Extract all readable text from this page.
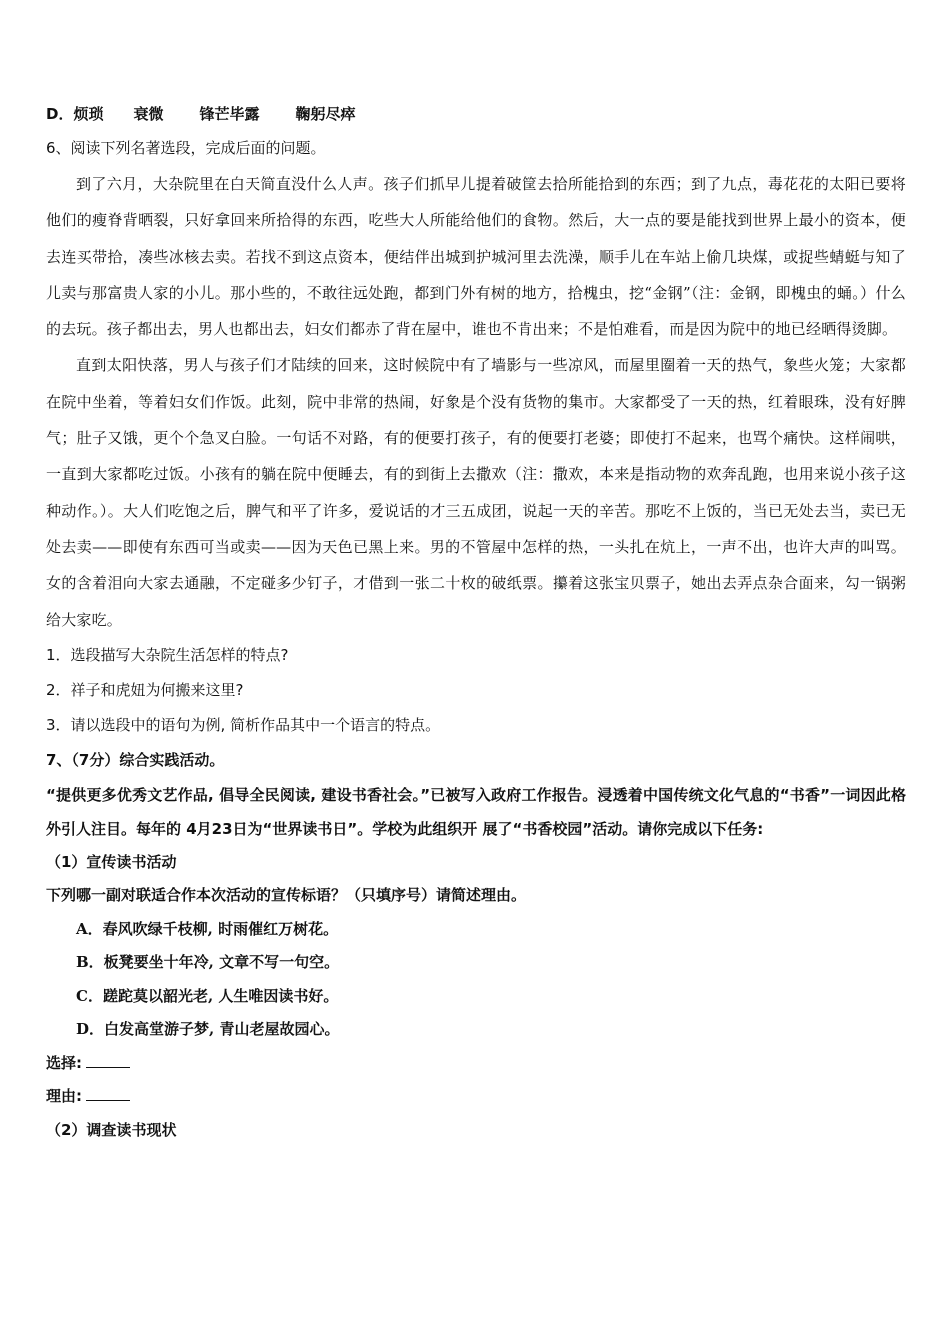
D．烦琐 衰微 锋芒毕露 鞠躬尽瘁
6、阅读下列名著选段，完成后面的问题。

到了六月，大杂院里在白天简直没什么人声。孩子们抓早儿提着破筐去拾所能拾到的东西；到了九点，毒花花的太阳已要将他们的瘦脊背晒裂，只好拿回来所拾得的东西，吃些大人所能给他们的食物。然后，大一点的要是能找到世界上最小的资本，便去连买带拾，凑些冰核去卖。若找不到这点资本，便结伴出城到护城河里去洗澡，顺手儿在车站上偷几块煤，或捉些蜻蜓与知了儿卖与那富贵人家的小儿。那小些的，不敢往远处跑，都到门外有树的地方，拾槐虫，挖“金钢”（注：金钢，即槐虫的蛹。）什么的去玩。孩子都出去，男人也都出去，妇女们都赤了背在屋中，谁也不肯出来；不是怕难看，而是因为院中的地已经晒得烫脚。

直到太阳快落，男人与孩子们才陆续的回来，这时候院中有了墙影与一些凉风，而屋里圈着一天的热气，象些火笼；大家都在院中坐着，等着妇女们作饭。此刻，院中非常的热闹，好象是个没有货物的集市。大家都受了一天的热，红着眼珠，没有好脾气；肚子又饿，更个个急叉白脸。一句话不对路，有的便要打孩子，有的便要打老婆；即使打不起来，也骂个痛快。这样闹哄，一直到大家都吃过饭。小孩有的躺在院中便睡去，有的到街上去撒欢（注：撒欢，本来是指动物的欢奔乱跑，也用来说小孩子这种动作。）。大人们吃饱之后，脾气和平了许多，爱说话的才三五成团，说起一天的辛苦。那吃不上饭的，当已无处去当，卖已无处去卖——即使有东西可当或卖——因为天色已黑上来。男的不管屋中怎样的热，一头扎在炕上，一声不出，也许大声的叫骂。女的含着泪向大家去通融，不定碰多少钉子，才借到一张二十枚的破纸票。攥着这张宝贝票子，她出去弄点杂合面来，勾一锅粥给大家吃。

1．选段描写大杂院生活怎样的特点?
2．祥子和虎妞为何搬来这里?
3．请以选段中的语句为例, 简析作品其中一个语言的特点。
7、（7分）综合实践活动。

“提供更多优秀文艺作品, 倡导全民阅读, 建设书香社会。”已被写入政府工作报告。浸透着中国传统文化气息的“书香”一词因此格外引人注目。每年的 4月23日为“世界读书日”。学校为此组织开 展了“书香校园”活动。请你完成以下任务:

（1）宣传读书活动
下列哪一副对联适合作本次活动的宣传标语？（只填序号）请简述理由。
A．春风吹绿千枝柳, 时雨催红万树花。
B．板凳要坐十年冷, 文章不写一句空。
C．蹉跎莫以韶光老, 人生唯因读书好。
D．白发高堂游子梦, 青山老屋故园心。
选择:
理由:
（2）调查读书现状
